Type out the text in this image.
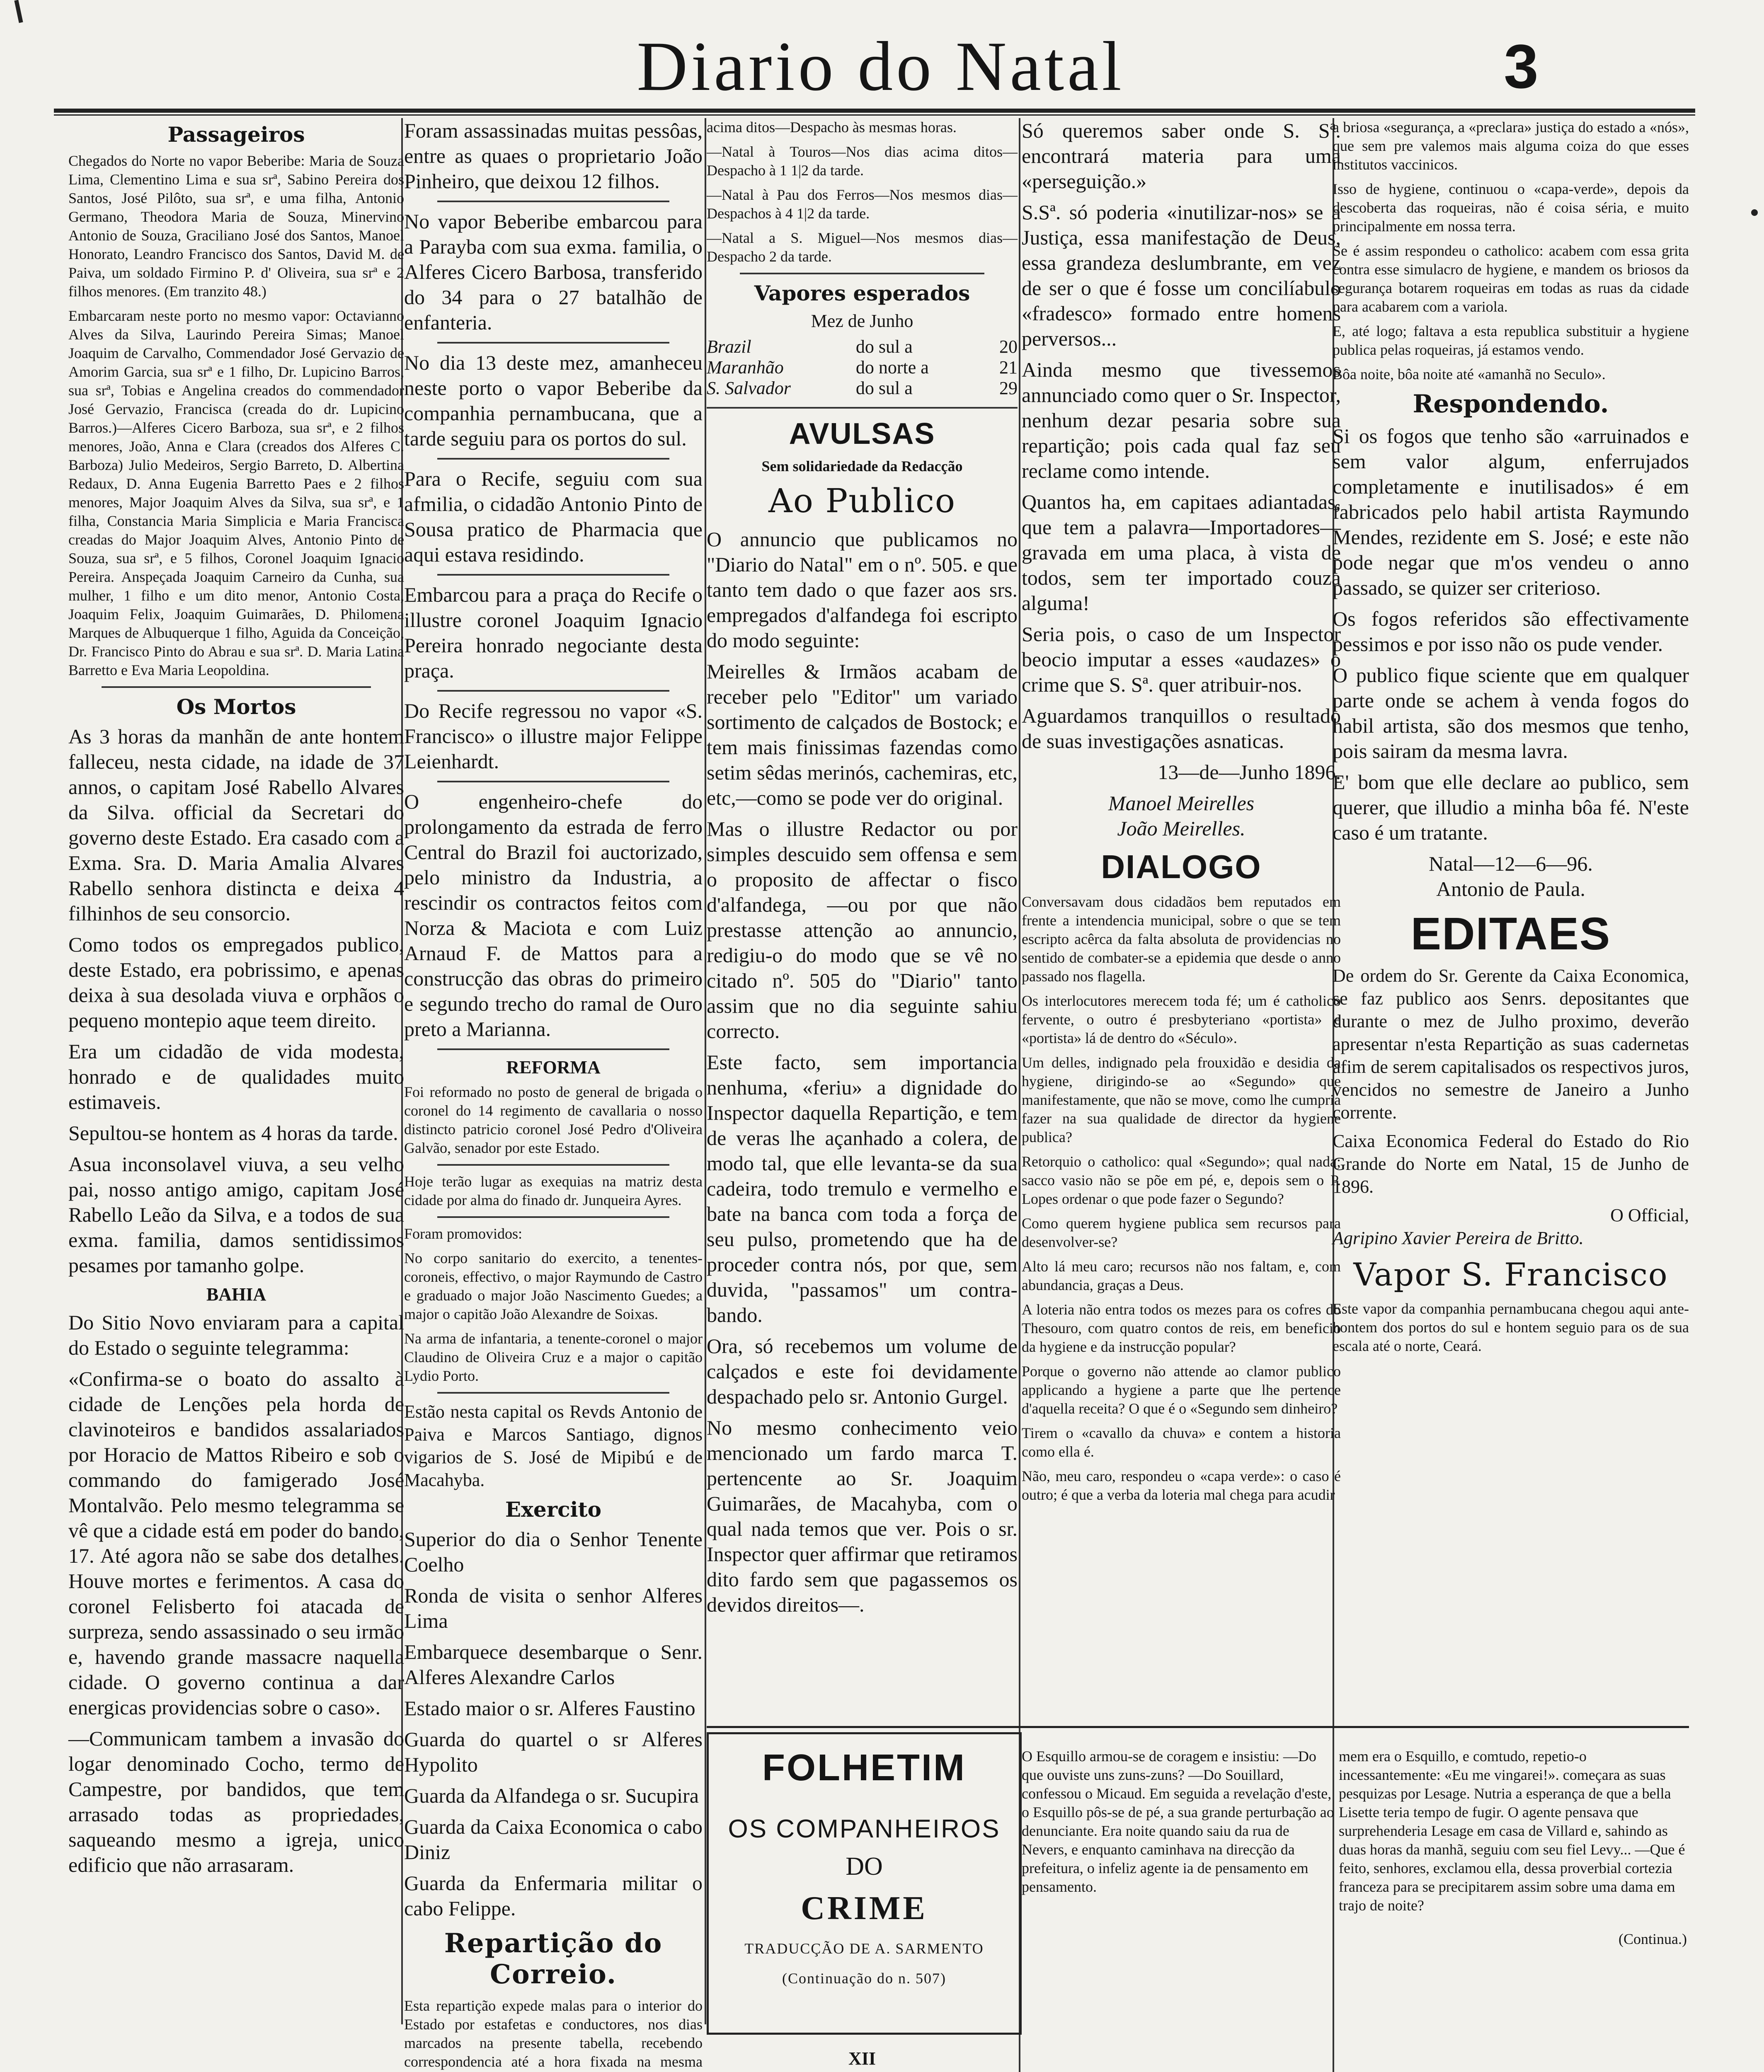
Diario do Natal	3
Passageiros

Chegados do Norte no vapor Beberibe: Maria de Souza Lima, Clementino Lima e sua srª, Sabino Pereira dos Santos, José Pilôto, sua srª, e uma filha, Antonio Germano, Theodora Maria de Souza, Minervino Antonio de Souza, Graciliano José dos Santos, Manoel Honorato, Leandro Francisco dos Santos, David M. de Paiva, um soldado Firmino P. d' Oliveira, sua srª e 2 filhos menores. (Em tranzito 48.)

Embarcaram neste porto no mesmo vapor: Octavianno Alves da Silva, Laurindo Pereira Simas; Manoel Joaquim de Carvalho, Commendador José Gervazio de Amorim Garcia, sua srª e 1 filho, Dr. Lupicino Barros, sua srª, Tobias e Angelina creados do commendador José Gervazio, Francisca (creada do dr. Lupicino Barros.)—Alferes Cicero Barboza, sua srª, e 2 filhos menores, João, Anna e Clara (creados dos Alferes C. Barboza) Julio Medeiros, Sergio Barreto, D. Albertina Redaux, D. Anna Eugenia Barretto Paes e 2 filhos menores, Major Joaquim Alves da Silva, sua srª, e 1 filha, Constancia Maria Simplicia e Maria Francisca creadas do Major Joaquim Alves, Antonio Pinto de Souza, sua srª, e 5 filhos, Coronel Joaquim Ignacio Pereira. Anspeçada Joaquim Carneiro da Cunha, sua mulher, 1 filho e um dito menor, Antonio Costa, Joaquim Felix, Joaquim Guimarães, D. Philomena Marques de Albuquerque 1 filho, Aguida da Conceição, Dr. Francisco Pinto do Abrau e sua srª. D. Maria Latina Barretto e Eva Maria Leopoldina.

Os Mortos

As 3 horas da manhãn de ante hontem falleceu, nesta cidade, na idade de 37 annos, o capitam José Rabello Alvares da Silva. official da Secretari do governo deste Estado. Era casado com a Exma. Sra. D. Maria Amalia Alvares Rabello senhora distincta e deixa 4 filhinhos de seu consorcio.

Como todos os empregados publico, deste Estado, era pobrissimo, e apenas deixa à sua desolada viuva e orphãos o pequeno montepio aque teem direito.

Era um cidadão de vida modesta, honrado e de qualidades muito estimaveis.

Sepultou-se hontem as 4 horas da tarde.

Asua inconsolavel viuva, a seu velho pai, nosso antigo amigo, capitam José Rabello Leão da Silva, e a todos de sua exma. familia, damos sentidissimos pesames por tamanho golpe.

BAHIA

Do Sitio Novo enviaram para a capital do Estado o seguinte telegramma:

«Confirma-se o boato do assalto à cidade de Lenções pela horda de clavinoteiros e bandidos assalariados por Horacio de Mattos Ribeiro e sob o commando do famigerado José Montalvão. Pelo mesmo telegramma se vê que a cidade está em poder do bando, 17. Até agora não se sabe dos detalhes. Houve mortes e ferimentos. A casa do coronel Felisberto foi atacada de surpreza, sendo assassinado o seu irmão e, havendo grande massacre naquella cidade. O governo continua a dar energicas providencias sobre o caso».

—Communicam tambem a invasão do logar denominado Cocho, termo de Campestre, por bandidos, que tem arrasado todas as propriedades, saqueando mesmo a igreja, unico edificio que não arrasaram.

Foram assassinadas muitas pessôas, entre as quaes o proprietario João Pinheiro, que deixou 12 filhos.

No vapor Beberibe embarcou para a Parayba com sua exma. familia, o Alferes Cicero Barbosa, transferido do 34 para o 27 batalhão de enfanteria.

No dia 13 deste mez, amanheceu neste porto o vapor Beberibe da companhia pernambucana, que a tarde seguiu para os portos do sul.

Para o Recife, seguiu com sua afmilia, o cidadão Antonio Pinto de Sousa pratico de Pharmacia que aqui estava residindo.

Embarcou para a praça do Recife o illustre coronel Joaquim Ignacio Pereira honrado negociante desta praça.

Do Recife regressou no vapor «S. Francisco» o illustre major Felippe Leienhardt.

O engenheiro-chefe do prolongamento da estrada de ferro Central do Brazil foi auctorizado, pelo ministro da Industria, a rescindir os contractos feitos com Norza & Maciota e com Luiz Arnaud F. de Mattos para a construcção das obras do primeiro e segundo trecho do ramal de Ouro preto a Marianna.

REFORMA

Foi reformado no posto de general de brigada o coronel do 14 regimento de cavallaria o nosso distincto patricio coronel José Pedro d'Oliveira Galvão, senador por este Estado.

Hoje terão lugar as exequias na matriz desta cidade por alma do finado dr. Junqueira Ayres.

Foram promovidos:

No corpo sanitario do exercito, a tenentes-coroneis, effectivo, o major Raymundo de Castro e graduado o major João Nascimento Guedes; a major o capitão João Alexandre de Soixas.

Na arma de infantaria, a tenente-coronel o major Claudino de Oliveira Cruz e a major o capitão Lydio Porto.

Estão nesta capital os Revds Antonio de Paiva e Marcos Santiago, dignos vigarios de S. José de Mipibú e de Macahyba.

Exercito

Superior do dia o Senhor Tenente Coelho

Ronda de visita o senhor Alferes Lima

Embarquece desembarque o Senr. Alferes Alexandre Carlos

Estado maior o sr. Alferes Faustino

Guarda do quartel o sr Alferes Hypolito

Guarda da Alfandega o sr. Sucupira

Guarda da Caixa Economica o cabo Diniz

Guarda da Enfermaria militar o cabo Felippe.

Repartição do Correio.

Esta repartição expede malas para o interior do Estado por estafetas e conductores, nos dias marcados na presente tabella, recebendo correspondencia até a hora fixada na mesma

acima ditos—Despacho às mesmas horas.

—Natal à Touros—Nos dias acima ditos—Despacho à 1 1|2 da tarde.

—Natal à Pau dos Ferros—Nos mesmos dias—Despachos à 4 1|2 da tarde.

—Natal a S. Miguel—Nos mesmos dias—Despacho 2 da tarde.

Vapores esperados
Mez de Junho
Brazil	do sul a	20
Maranhão	do norte a	21
S. Salvador	do sul a	29
AVULSAS
Sem solidariedade da Redacção
Ao Publico

O annuncio que publicamos no "Diario do Natal" em o nº. 505. e que tanto tem dado o que fazer aos srs. empregados d'alfandega foi escripto do modo seguinte:

Meirelles & Irmãos acabam de receber pelo "Editor" um variado sortimento de calçados de Bostock; e tem mais finissimas fazendas como setim sêdas merinós, cachemiras, etc, etc,—como se pode ver do original.

Mas o illustre Redactor ou por simples descuido sem offensa e sem o proposito de affectar o fisco d'alfandega, —ou por que não prestasse attenção ao annuncio, redigiu-o do modo que se vê no citado nº. 505 do "Diario" tanto assim que no dia seguinte sahiu correcto.

Este facto, sem importancia nenhuma, «feriu» a dignidade do Inspector daquella Repartição, e tem de veras lhe açanhado a colera, de modo tal, que elle levanta-se da sua cadeira, todo tremulo e vermelho e bate na banca com toda a força de seu pulso, prometendo que ha de proceder contra nós, por que, sem duvida, "passamos" um contra-bando.

Ora, só recebemos um volume de calçados e este foi devidamente despachado pelo sr. Antonio Gurgel.

No mesmo conhecimento veio mencionado um fardo marca T. pertencente ao Sr. Joaquim Guimarães, de Macahyba, com o qual nada temos que ver. Pois o sr. Inspector quer affirmar que retiramos dito fardo sem que pagassemos os devidos direitos—.

FOLHETIM
OS COMPANHEIROS
DO
CRIME
TRADUCÇÃO DE A. SARMENTO
(Continuação do n. 507)
XII

Só queremos saber onde S. Sª. encontrará materia para uma «perseguição.»

S.Sª. só poderia «inutilizar-nos» se a Justiça, essa manifestação de Deus, essa grandeza deslumbrante, em vez de ser o que é fosse um concilíabulo «fradesco» formado entre homens perversos...

Ainda mesmo que tivessemos annunciado como quer o Sr. Inspector, nenhum dezar pesaria sobre sua repartição; pois cada qual faz seu reclame como intende.

Quantos ha, em capitaes adiantadas, que tem a palavra—Importadores—gravada em uma placa, à vista de todos, sem ter importado couza alguma!

Seria pois, o caso de um Inspector beocio imputar a esses «audazes» o crime que S. Sª. quer atribuir-nos.

Aguardamos tranquillos o resultado de suas investigações asnaticas.

13—de—Junho 1896.

Manoel Meirelles

João Meirelles.

DIALOGO

Conversavam dous cidadãos bem reputados em frente a intendencia municipal, sobre o que se tem escripto acêrca da falta absoluta de providencias no sentido de combater-se a epidemia que desde o anno passado nos flagella.

Os interlocutores merecem toda fé; um é catholico fervente, o outro é presbyteriano «portista» e «portista» lá de dentro do «Século».

Um delles, indignado pela frouxidão e desidia da hygiene, dirigindo-se ao «Segundo» que manifestamente, que não se move, como lhe cumpria fazer na sua qualidade de director da hygiene publica?

Retorquio o catholico: qual «Segundo»; qual nada; sacco vasio não se põe em pé, e, depois sem o P. Lopes ordenar o que pode fazer o Segundo?

Como querem hygiene publica sem recursos para desenvolver-se?

Alto lá meu caro; recursos não nos faltam, e, com abundancia, graças a Deus.

A loteria não entra todos os mezes para os cofres do Thesouro, com quatro contos de reis, em beneficio da hygiene e da instrucção popular?

Porque o governo não attende ao clamor publico applicando a hygiene a parte que lhe pertence d'aquella receita? O que é o «Segundo sem dinheiro?

Tirem o «cavallo da chuva» e contem a historia como ella é.

Não, meu caro, respondeu o «capa verde»: o caso é outro; é que a verba da loteria mal chega para acudir

O Esquillo armou-se de coragem e insistiu: —Do que ouviste uns zuns-zuns? —Do Souillard, confessou o Micaud. Em seguida a revelação d'este, o Esquillo pôs-se de pé, a sua grande perturbação ao denunciante. Era noite quando saiu da rua de Nevers, e enquanto caminhava na direcção da prefeitura, o infeliz agente ia de pensamento em pensamento.

a briosa «segurança, a «preclara» justiça do estado a «nós», que sem pre valemos mais alguma coiza do que esses institutos vaccinicos.

Isso de hygiene, continuou o «capa-verde», depois da descoberta das roqueiras, não é coisa séria, e muito principalmente em nossa terra.

Se é assim respondeu o catholico: acabem com essa grita contra esse simulacro de hygiene, e mandem os briosos da segurança botarem roqueiras em todas as ruas da cidade para acabarem com a variola.

E, até logo; faltava a esta republica substituir a hygiene publica pelas roqueiras, já estamos vendo.

Bôa noite, bôa noite até «amanhã no Seculo».

Respondendo.

Si os fogos que tenho são «arruinados e sem valor algum, enferrujados completamente e inutilisados» é em fabricados pelo habil artista Raymundo Mendes, rezidente em S. José; e este não pode negar que m'os vendeu o anno passado, se quizer ser criterioso.

Os fogos referidos são effectivamente pessimos e por isso não os pude vender.

O publico fique sciente que em qualquer parte onde se achem à venda fogos do habil artista, são dos mesmos que tenho, pois sairam da mesma lavra.

E' bom que elle declare ao publico, sem querer, que illudio a minha bôa fé. N'este caso é um tratante.

Natal—12—6—96.

Antonio de Paula.

EDITAES

De ordem do Sr. Gerente da Caixa Economica, se faz publico aos Senrs. depositantes que durante o mez de Julho proximo, deverão apresentar n'esta Repartição as suas cadernetas afim de serem capitalisados os respectivos juros, vencidos no semestre de Janeiro a Junho corrente.

Caixa Economica Federal do Estado do Rio Grande do Norte em Natal, 15 de Junho de 1896.

O Official,

Agripino Xavier Pereira de Britto.

Vapor S. Francisco

Este vapor da companhia pernambucana chegou aqui ante-hontem dos portos do sul e hontem seguio para os de sua escala até o norte, Ceará.

mem era o Esquillo, e comtudo, repetio-o incessantemente: «Eu me vingarei!». começara as suas pesquizas por Lesage. Nutria a esperança de que a bella Lisette teria tempo de fugir. O agente pensava que surprehenderia Lesage em casa de Villard e, sahindo as duas horas da manhã, seguiu com seu fiel Levy... —Que é feito, senhores, exclamou ella, dessa proverbial cortezia franceza para se precipitarem assim sobre uma dama em trajo de noite?

(Continua.)
